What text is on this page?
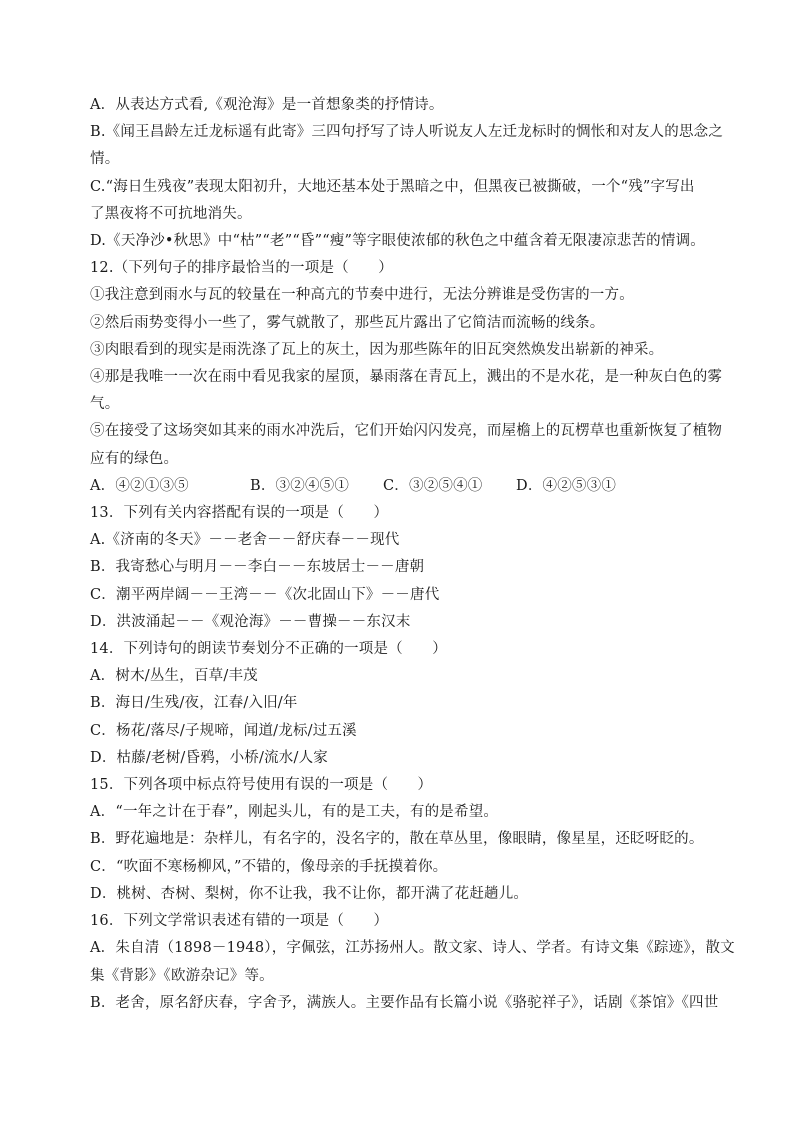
A．从表达方式看,《观沧海》是一首想象类的抒情诗。
B.《闻王昌龄左迁龙标遥有此寄》三四句抒写了诗人听说友人左迁龙标时的惆怅和对友人的思念之
情。
C.“海日生残夜”表现太阳初升，大地还基本处于黑暗之中，但黑夜已被撕破，一个“残”字写出
了黑夜将不可抗地消失。
D.《天净沙•秋思》中“枯”“老”“昏”“瘦”等字眼使浓郁的秋色之中蕴含着无限凄凉悲苦的情调。
12.（下列句子的排序最恰当的一项是（　　）
①我注意到雨水与瓦的较量在一种高亢的节奏中进行，无法分辨谁是受伤害的一方。
②然后雨势变得小一些了，雾气就散了，那些瓦片露出了它简洁而流畅的线条。
③肉眼看到的现实是雨洗涤了瓦上的灰土，因为那些陈年的旧瓦突然焕发出崭新的神采。
④那是我唯一一次在雨中看见我家的屋顶，暴雨落在青瓦上，溅出的不是水花，是一种灰白色的雾
气。
⑤在接受了这场突如其来的雨水冲洗后，它们开始闪闪发亮，而屋檐上的瓦楞草也重新恢复了植物
应有的绿色。
A．④②①③⑤	B．③②④⑤①	C．③②⑤④①	D．④②⑤③①
13．下列有关内容搭配有误的一项是（　　）
A.《济南的冬天》－－老舍－－舒庆春－－现代
B．我寄愁心与明月－－李白－－东坡居士－－唐朝
C．潮平两岸阔－－王湾－－《次北固山下》－－唐代
D．洪波涌起－－《观沧海》－－曹操－－东汉末
14．下列诗句的朗读节奏划分不正确的一项是（　　）
A．树木/丛生，百草/丰茂
B．海日/生残/夜，江春/入旧/年
C．杨花/落尽/子规啼，闻道/龙标/过五溪
D．枯藤/老树/昏鸦，小桥/流水/人家
15．下列各项中标点符号使用有误的一项是（　　）
A．“一年之计在于春”，刚起头儿，有的是工夫，有的是希望。
B．野花遍地是：杂样儿，有名字的，没名字的，散在草丛里，像眼睛，像星星，还眨呀眨的。
C．“吹面不寒杨柳风，”不错的，像母亲的手抚摸着你。
D．桃树、杏树、梨树，你不让我，我不让你，都开满了花赶趟儿。
16．下列文学常识表述有错的一项是（　　）
A．朱自清（1898－1948），字佩弦，江苏扬州人。散文家、诗人、学者。有诗文集《踪迹》，散文
集《背影》《欧游杂记》等。
B．老舍，原名舒庆春，字舍予，满族人。主要作品有长篇小说《骆驼祥子》，话剧《茶馆》《四世
